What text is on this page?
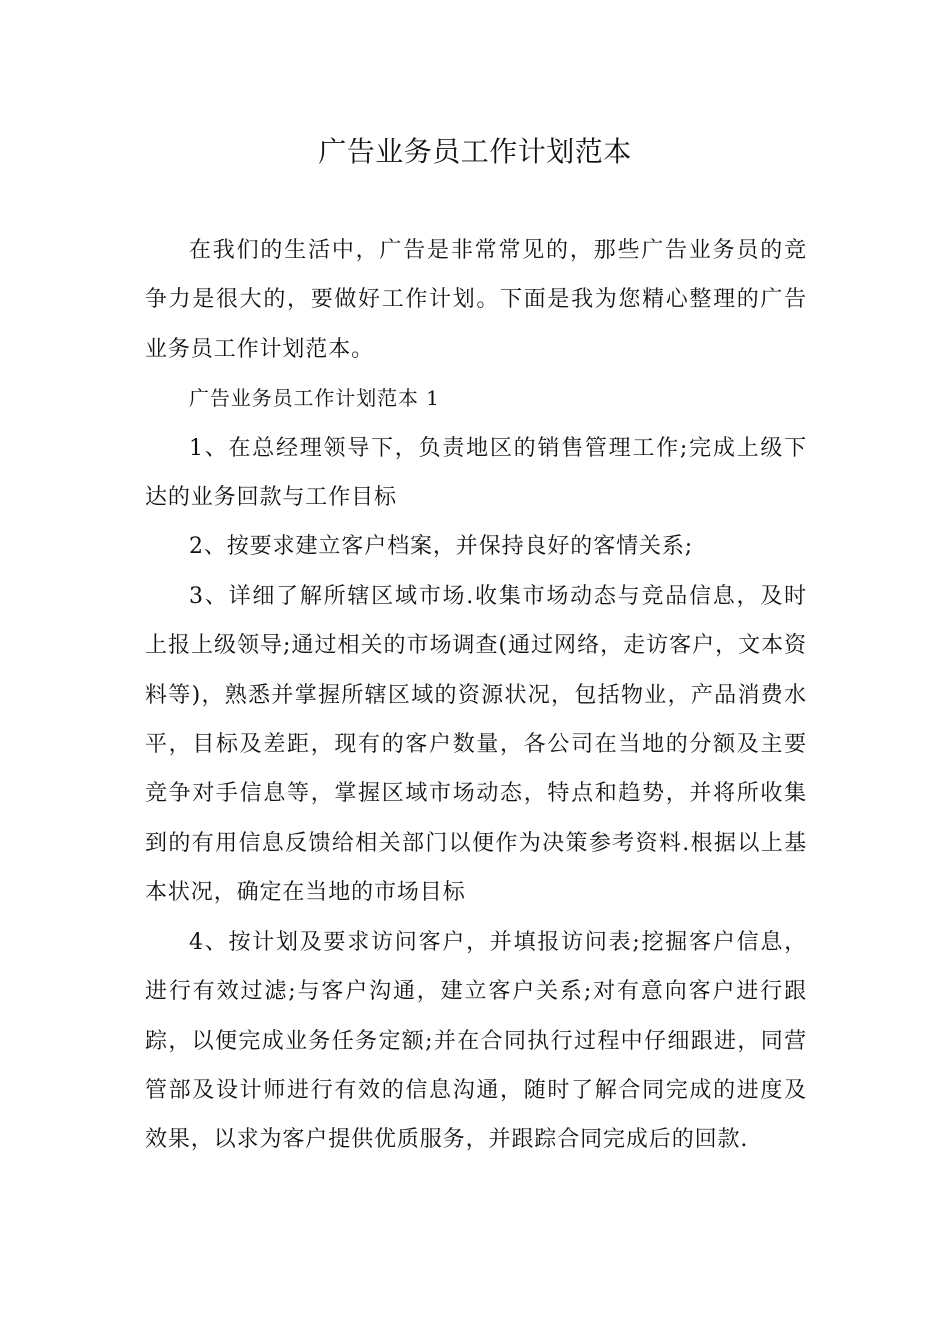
广告业务员工作计划范本

在我们的生活中，广告是非常常见的，那些广告业务员的竞争力是很大的，要做好工作计划。下面是我为您精心整理的广告业务员工作计划范本。

广告业务员工作计划范本 1

1、在总经理领导下，负责地区的销售管理工作;完成上级下达的业务回款与工作目标

2、按要求建立客户档案，并保持良好的客情关系;

3、详细了解所辖区域市场.收集市场动态与竞品信息，及时上报上级领导;通过相关的市场调查(通过网络，走访客户，文本资料等)，熟悉并掌握所辖区域的资源状况，包括物业，产品消费水平，目标及差距，现有的客户数量，各公司在当地的分额及主要竞争对手信息等，掌握区域市场动态，特点和趋势，并将所收集到的有用信息反馈给相关部门以便作为决策参考资料.根据以上基本状况，确定在当地的市场目标

4、按计划及要求访问客户，并填报访问表;挖掘客户信息，进行有效过滤;与客户沟通，建立客户关系;对有意向客户进行跟踪，以便完成业务任务定额;并在合同执行过程中仔细跟进，同营管部及设计师进行有效的信息沟通，随时了解合同完成的进度及效果，以求为客户提供优质服务，并跟踪合同完成后的回款.
